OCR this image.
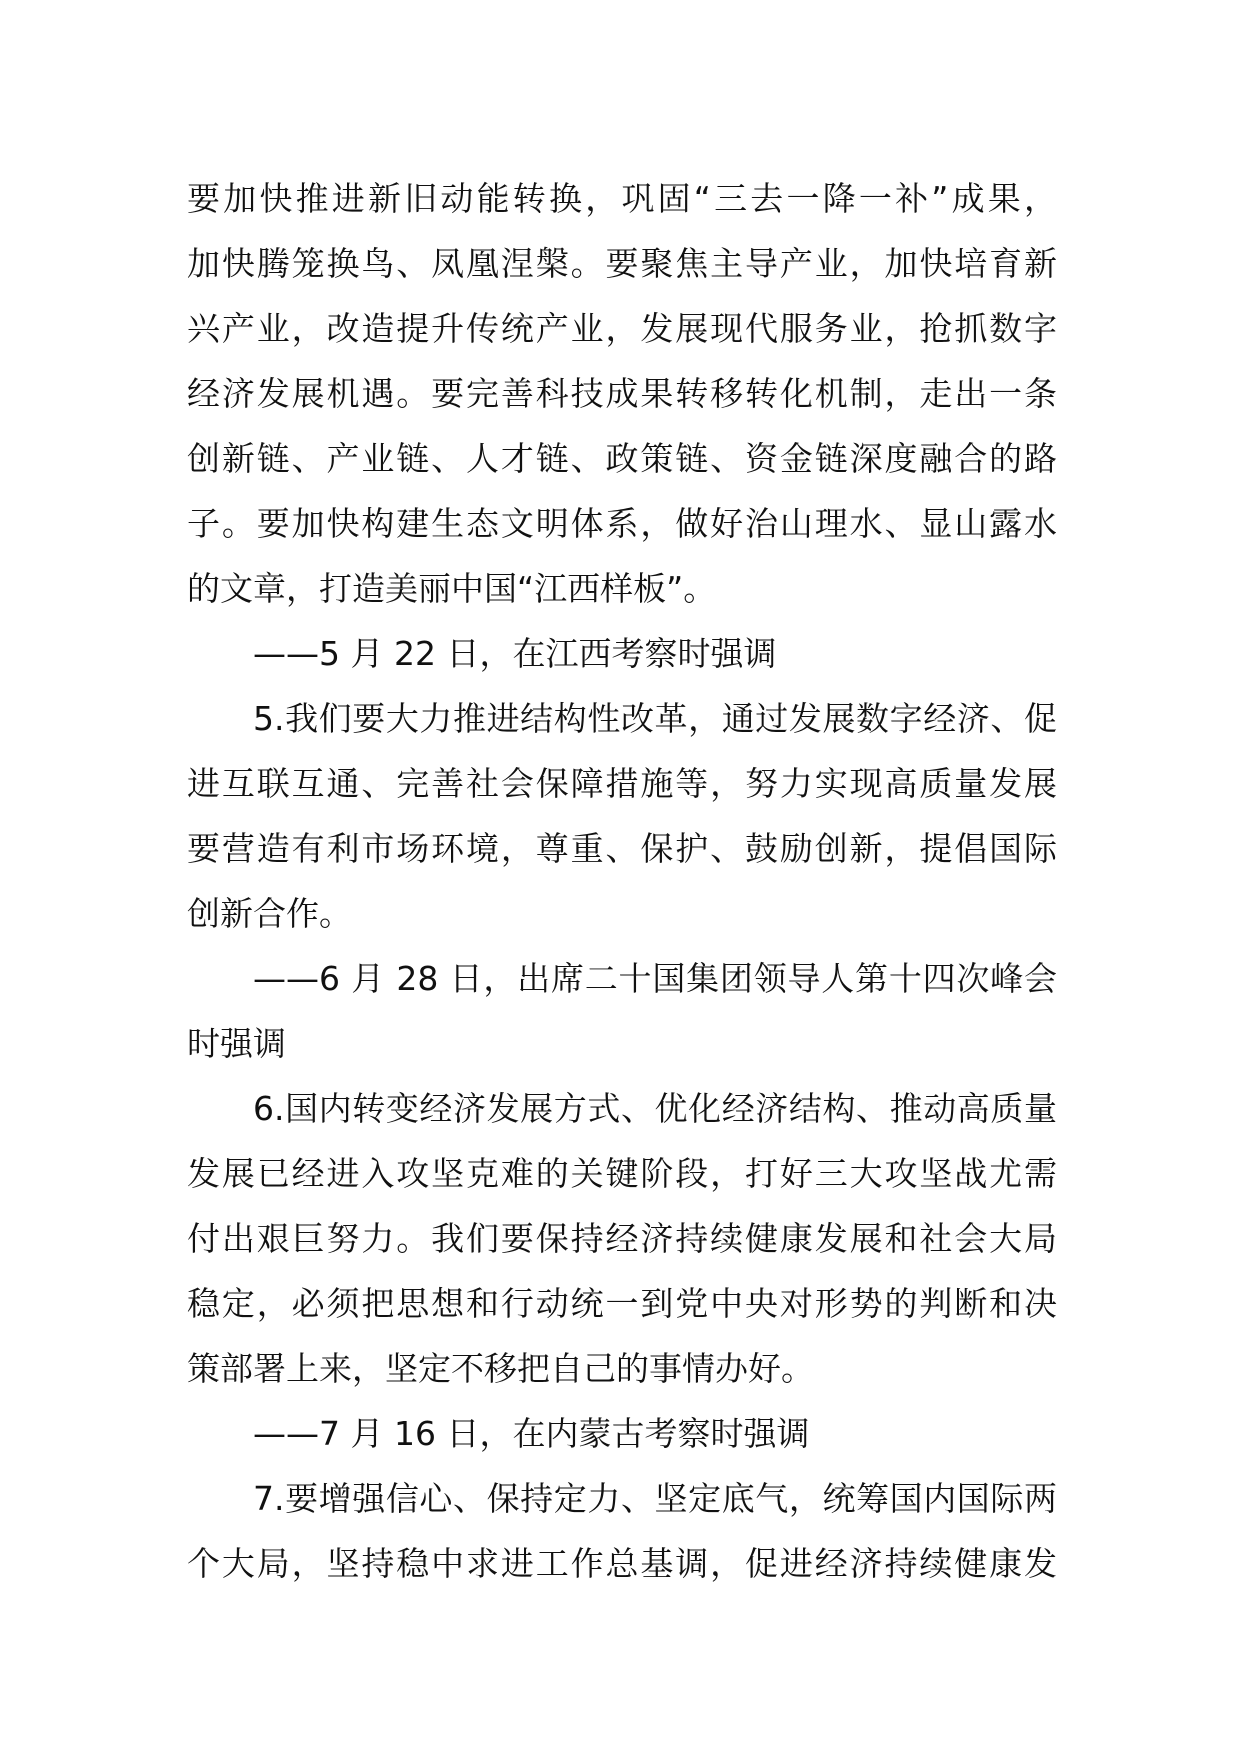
要加快推进新旧动能转换，巩固“三去一降一补”成果，
加快腾笼换鸟、凤凰涅槃。要聚焦主导产业，加快培育新
兴产业，改造提升传统产业，发展现代服务业，抢抓数字
经济发展机遇。要完善科技成果转移转化机制，走出一条
创新链、产业链、人才链、政策链、资金链深度融合的路
子。要加快构建生态文明体系，做好治山理水、显山露水
的文章，打造美丽中国“江西样板”。
——5 月 22 日，在江西考察时强调
5.我们要大力推进结构性改革，通过发展数字经济、促
进互联互通、完善社会保障措施等，努力实现高质量发展
要营造有利市场环境，尊重、保护、鼓励创新，提倡国际
创新合作。
——6 月 28 日，出席二十国集团领导人第十四次峰会
时强调
6.国内转变经济发展方式、优化经济结构、推动高质量
发展已经进入攻坚克难的关键阶段，打好三大攻坚战尤需
付出艰巨努力。我们要保持经济持续健康发展和社会大局
稳定，必须把思想和行动统一到党中央对形势的判断和决
策部署上来，坚定不移把自己的事情办好。
——7 月 16 日，在内蒙古考察时强调
7.要增强信心、保持定力、坚定底气，统筹国内国际两
个大局，坚持稳中求进工作总基调，促进经济持续健康发
